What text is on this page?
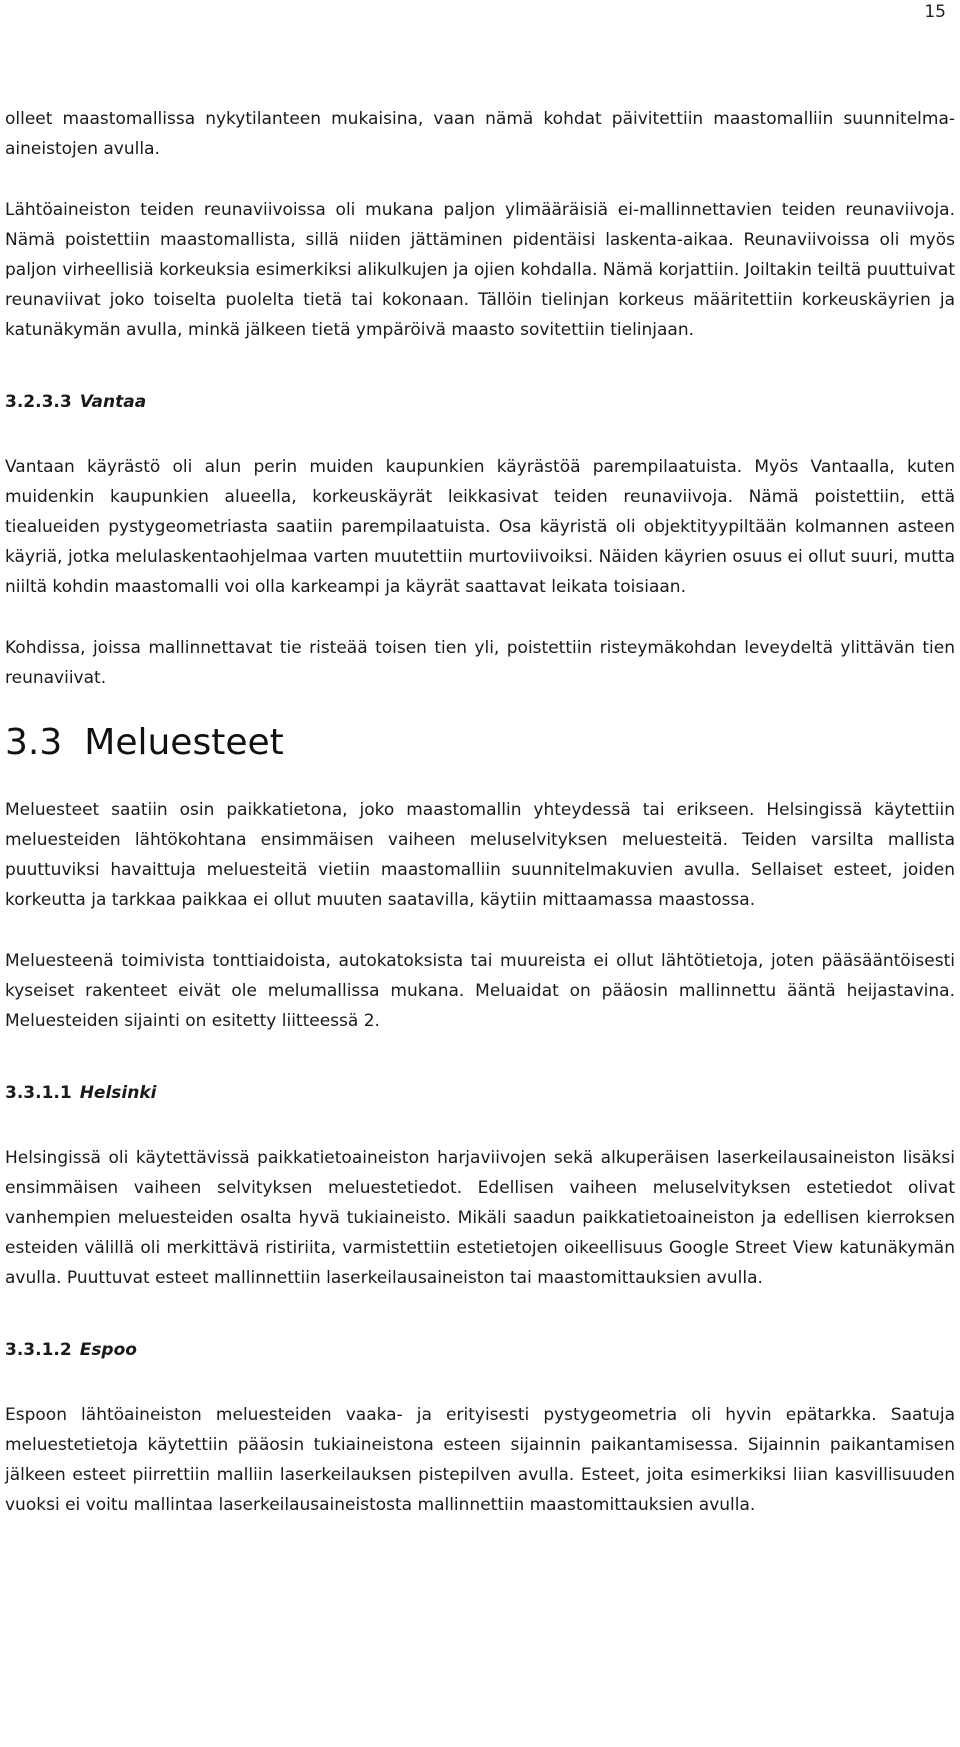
15

olleet maastomallissa nykytilanteen mukaisina, vaan nämä kohdat päivitettiin maastomalliin suunnitelma-aineistojen avulla.

Lähtöaineiston teiden reunaviivoissa oli mukana paljon ylimääräisiä ei-mallinnettavien teiden reunaviivoja. Nämä poistettiin maastomallista, sillä niiden jättäminen pidentäisi laskenta-aikaa. Reunaviivoissa oli myös paljon virheellisiä korkeuksia esimerkiksi alikulkujen ja ojien kohdalla. Nämä korjattiin. Joiltakin teiltä puuttuivat reunaviivat joko toiselta puolelta tietä tai kokonaan. Tällöin tielinjan korkeus määritettiin korkeuskäyrien ja katunäkymän avulla, minkä jälkeen tietä ympäröivä maasto sovitettiin tielinjaan.

3.2.3.3 Vantaa

Vantaan käyrästö oli alun perin muiden kaupunkien käyrästöä parempilaatuista. Myös Vantaalla, kuten muidenkin kaupunkien alueella, korkeuskäyrät leikkasivat teiden reunaviivoja. Nämä poistettiin, että tiealueiden pystygeometriasta saatiin parempilaatuista. Osa käyristä oli objektityypiltään kolmannen asteen käyriä, jotka melulaskentaohjelmaa varten muutettiin murtoviivoiksi. Näiden käyrien osuus ei ollut suuri, mutta niiltä kohdin maastomalli voi olla karkeampi ja käyrät saattavat leikata toisiaan.

Kohdissa, joissa mallinnettavat tie risteää toisen tien yli, poistettiin risteymäkohdan leveydeltä ylittävän tien reunaviivat.

3.3 Meluesteet

Meluesteet saatiin osin paikkatietona, joko maastomallin yhteydessä tai erikseen. Helsingissä käytettiin meluesteiden lähtökohtana ensimmäisen vaiheen meluselvityksen meluesteitä. Teiden varsilta mallista puuttuviksi havaittuja meluesteitä vietiin maastomalliin suunnitelmakuvien avulla. Sellaiset esteet, joiden korkeutta ja tarkkaa paikkaa ei ollut muuten saatavilla, käytiin mittaamassa maastossa.

Meluesteenä toimivista tonttiaidoista, autokatoksista tai muureista ei ollut lähtötietoja, joten pääsääntöisesti kyseiset rakenteet eivät ole melumallissa mukana. Meluaidat on pääosin mallinnettu ääntä heijastavina. Meluesteiden sijainti on esitetty liitteessä 2.

3.3.1.1 Helsinki

Helsingissä oli käytettävissä paikkatietoaineiston harjaviivojen sekä alkuperäisen laserkeilausaineiston lisäksi ensimmäisen vaiheen selvityksen meluestetiedot. Edellisen vaiheen meluselvityksen estetiedot olivat vanhempien meluesteiden osalta hyvä tukiaineisto. Mikäli saadun paikkatietoaineiston ja edellisen kierroksen esteiden välillä oli merkittävä ristiriita, varmistettiin estetietojen oikeellisuus Google Street View katunäkymän avulla. Puuttuvat esteet mallinnettiin laserkeilausaineiston tai maastomittauksien avulla.

3.3.1.2 Espoo

Espoon lähtöaineiston meluesteiden vaaka- ja erityisesti pystygeometria oli hyvin epätarkka. Saatuja meluestetietoja käytettiin pääosin tukiaineistona esteen sijainnin paikantamisessa. Sijainnin paikantamisen jälkeen esteet piirrettiin malliin laserkeilauksen pistepilven avulla. Esteet, joita esimerkiksi liian kasvillisuuden vuoksi ei voitu mallintaa laserkeilausaineistosta mallinnettiin maastomittauksien avulla.
